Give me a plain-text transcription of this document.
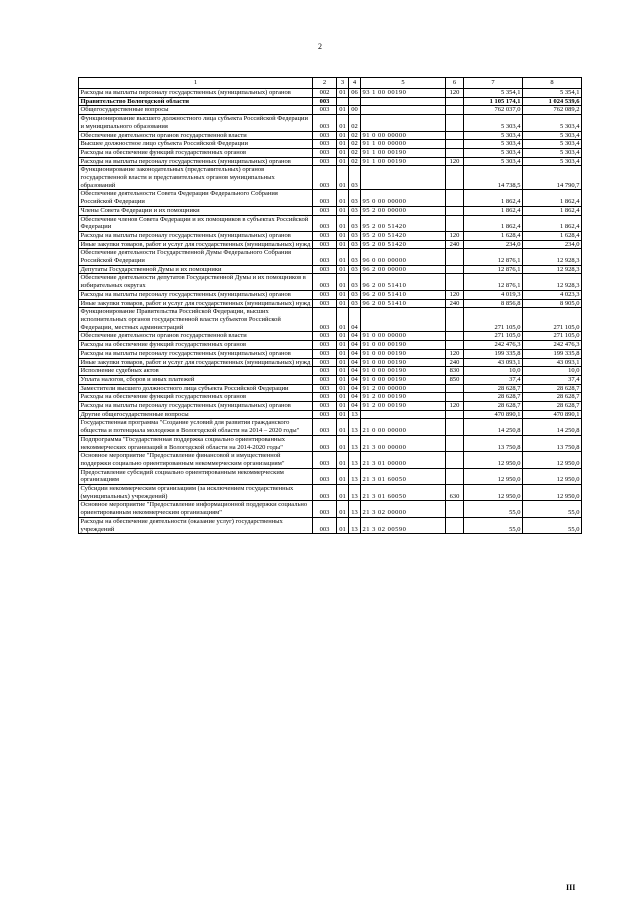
2
1	2	3	4	5	6	7	8
Расходы на выплаты персоналу государственных (муниципальных) органов	002	01	06	93 1 00 00190	120	5 354,1	5 354,1
Правительство Вологодской области	003					1 105 174,1	1 024 539,6
Общегосударственные вопросы	003	01	00			762 037,0	762 089,2
Функционирование высшего должностного лица субъекта Российской Федерации и муниципального образования	003	01	02			5 303,4	5 303,4
Обеспечение деятельности органов государственной власти	003	01	02	91 0 00 00000		5 303,4	5 303,4
Высшее должностное лицо субъекта Российской Федерации	003	01	02	91 1 00 00000		5 303,4	5 303,4
Расходы на обеспечение функций государственных органов	003	01	02	91 1 00 00190		5 303,4	5 303,4
Расходы на выплаты персоналу государственных (муниципальных) органов	003	01	02	91 1 00 00190	120	5 303,4	5 303,4
Функционирование законодательных (представительных) органов государственной власти и представительных органов муниципальных образований	003	01	03			14 738,5	14 790,7
Обеспечение деятельности Совета Федерации Федерального Собрания Российской Федерации	003	01	03	95 0 00 00000		1 862,4	1 862,4
Члены Совета Федерации и их помощники	003	01	03	95 2 00 00000		1 862,4	1 862,4
Обеспечение членов Совета Федерации и их помощников в субъектах Российской Федерации	003	01	03	95 2 00 51420		1 862,4	1 862,4
Расходы на выплаты персоналу государственных (муниципальных) органов	003	01	03	95 2 00 51420	120	1 628,4	1 628,4
Иные закупки товаров, работ и услуг для государственных (муниципальных) нужд	003	01	03	95 2 00 51420	240	234,0	234,0
Обеспечение деятельности Государственной Думы Федерального Собрания Российской Федерации	003	01	03	96 0 00 00000		12 876,1	12 928,3
Депутаты Государственной Думы и их помощники	003	01	03	96 2 00 00000		12 876,1	12 928,3
Обеспечение деятельности депутатов Государственной Думы и их помощников в избирательных округах	003	01	03	96 2 00 51410		12 876,1	12 928,3
Расходы на выплаты персоналу государственных (муниципальных) органов	003	01	03	96 2 00 51410	120	4 019,3	4 023,3
Иные закупки товаров, работ и услуг для государственных (муниципальных) нужд	003	01	03	96 2 00 51410	240	8 856,8	8 905,0
Функционирование Правительства Российской Федерации, высших исполнительных органов государственной власти субъектов Российской Федерации, местных администраций	003	01	04			271 105,0	271 105,0
Обеспечение деятельности органов государственной власти	003	01	04	91 0 00 00000		271 105,0	271 105,0
Расходы на обеспечение функций государственных органов	003	01	04	91 0 00 00190		242 476,3	242 476,3
Расходы на выплаты персоналу государственных (муниципальных) органов	003	01	04	91 0 00 00190	120	199 335,8	199 335,8
Иные закупки товаров, работ и услуг для государственных (муниципальных) нужд	003	01	04	91 0 00 00190	240	43 093,1	43 093,1
Исполнение судебных актов	003	01	04	91 0 00 00190	830	10,0	10,0
Уплата налогов, сборов и иных платежей	003	01	04	91 0 00 00190	850	37,4	37,4
Заместители высшего должностного лица субъекта Российской Федерации	003	01	04	91 2 00 00000		28 628,7	28 628,7
Расходы на обеспечение функций государственных органов	003	01	04	91 2 00 00190		28 628,7	28 628,7
Расходы на выплаты персоналу государственных (муниципальных) органов	003	01	04	91 2 00 00190	120	28 628,7	28 628,7
Другие общегосударственные вопросы	003	01	13			470 890,1	470 890,1
Государственная программа "Создание условий для развития гражданского общества и потенциала молодежи в Вологодской области на 2014 – 2020 годы"	003	01	13	21 0 00 00000		14 250,8	14 250,8
Подпрограмма "Государственная поддержка социально ориентированных некоммерческих организаций в Вологодской области на 2014-2020 годы"	003	01	13	21 3 00 00000		13 750,8	13 750,8
Основное мероприятие "Предоставление финансовой и имущественной поддержки социально ориентированным некоммерческим организациям"	003	01	13	21 3 01 00000		12 950,0	12 950,0
Предоставление субсидий социально ориентированным некоммерческим организациям	003	01	13	21 3 01 60050		12 950,0	12 950,0
Субсидии некоммерческим организациям (за исключением государственных (муниципальных) учреждений)	003	01	13	21 3 01 60050	630	12 950,0	12 950,0
Основное мероприятие "Предоставление информационной поддержки социально ориентированным некоммерческим организациям"	003	01	13	21 3 02 00000		55,0	55,0
Расходы на обеспечение деятельности (оказание услуг) государственных учреждений	003	01	13	21 3 02 00590		55,0	55,0
III
